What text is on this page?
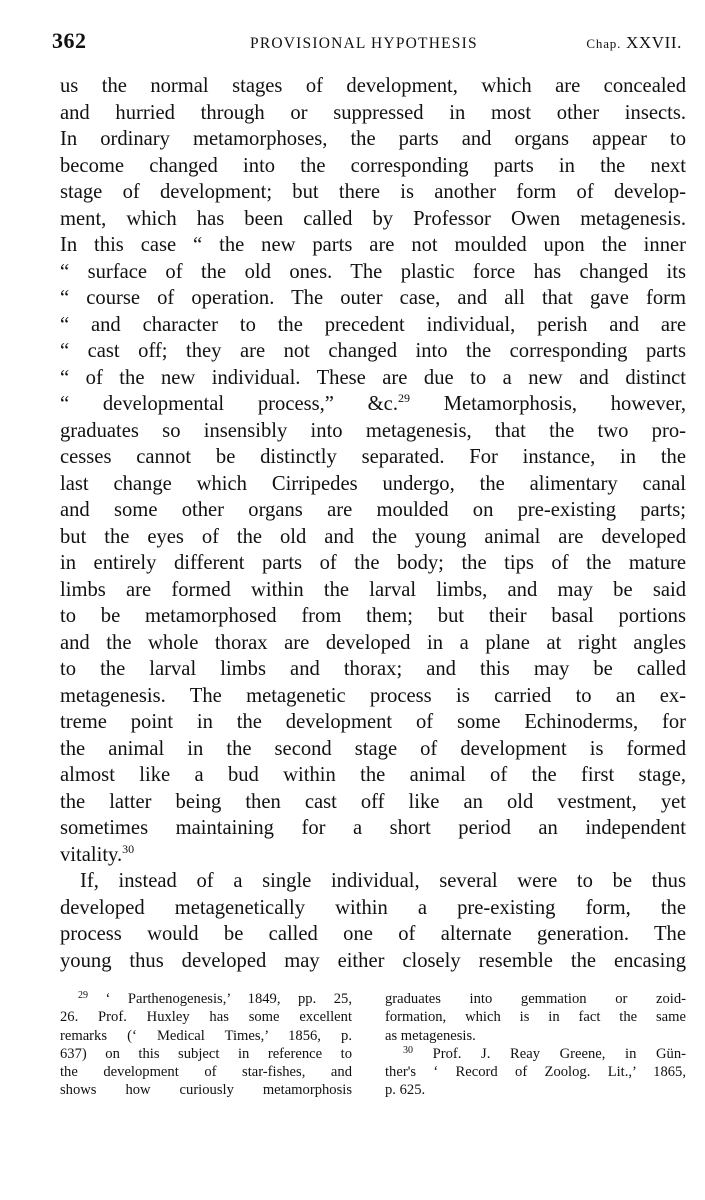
362	PROVISIONAL HYPOTHESIS	Chap. XXVII.
us the normal stages of development, which are concealed
and hurried through or suppressed in most other insects.
In ordinary metamorphoses, the parts and organs appear to
become changed into the corresponding parts in the next
stage of development; but there is another form of develop-
ment, which has been called by Professor Owen metagenesis.
In this case “ the new parts are not moulded upon the inner
“ surface of the old ones. The plastic force has changed its
“ course of operation. The outer case, and all that gave form
“ and character to the precedent individual, perish and are
“ cast off; they are not changed into the corresponding parts
“ of the new individual. These are due to a new and distinct
“ developmental process,” &c.$^{29}$ Metamorphosis, however,
graduates so insensibly into metagenesis, that the two pro-
cesses cannot be distinctly separated. For instance, in the
last change which Cirripedes undergo, the alimentary canal
and some other organs are moulded on pre-existing parts;
but the eyes of the old and the young animal are developed
in entirely different parts of the body; the tips of the mature
limbs are formed within the larval limbs, and may be said
to be metamorphosed from them; but their basal portions
and the whole thorax are developed in a plane at right angles
to the larval limbs and thorax; and this may be called
metagenesis. The metagenetic process is carried to an ex-
treme point in the development of some Echinoderms, for
the animal in the second stage of development is formed
almost like a bud within the animal of the first stage,
the latter being then cast off like an old vestment, yet
sometimes maintaining for a short period an independent
vitality.$^{30}$
If, instead of a single individual, several were to be thus
developed metagenetically within a pre-existing form, the
process would be called one of alternate generation. The
young thus developed may either closely resemble the encasing
$^{29}$ ‘ Parthenogenesis,’ 1849, pp. 25,
26. Prof. Huxley has some excellent
remarks (‘ Medical Times,’ 1856, p.
637) on this subject in reference to
the development of star-fishes, and
shows how curiously metamorphosis
graduates into gemmation or zoid-
formation, which is in fact the same
as metagenesis.
$^{30}$ Prof. J. Reay Greene, in Gün-
ther's ‘ Record of Zoolog. Lit.,’ 1865,
p. 625.
